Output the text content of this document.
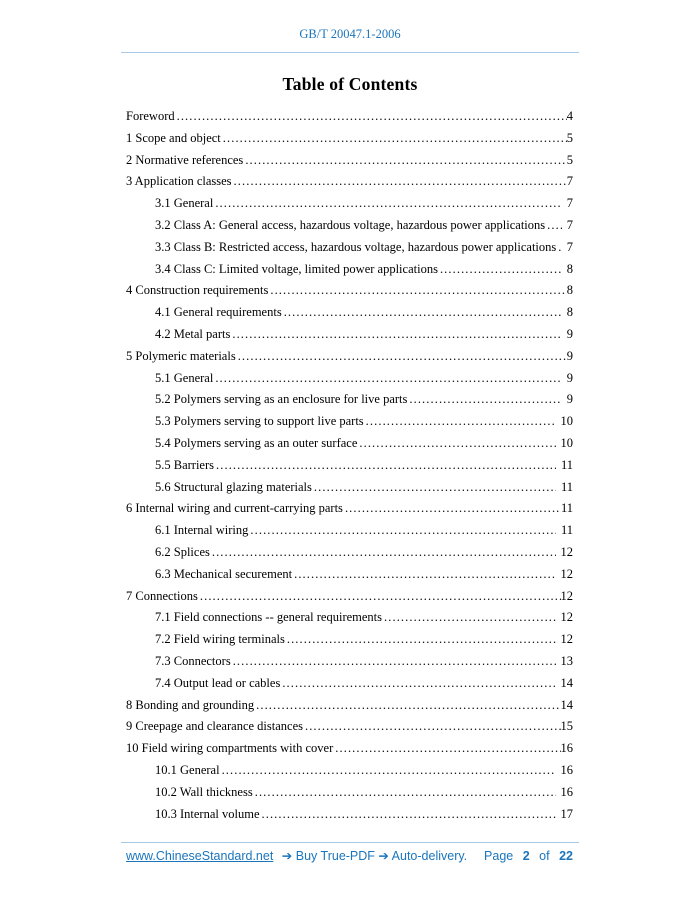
GB/T 20047.1-2006
Table of Contents
Foreword .....	4
1 Scope and object .....	5
2 Normative references .....	5
3 Application classes .....	7
3.1 General .....	7
3.2 Class A: General access, hazardous voltage, hazardous power applications ..... 7
3.3 Class B: Restricted access, hazardous voltage, hazardous power applications ..... 7
3.4 Class C: Limited voltage, limited power applications .....	8
4 Construction requirements .....	8
4.1 General requirements .....	8
4.2 Metal parts .....	9
5 Polymeric materials .....	9
5.1 General .....	9
5.2 Polymers serving as an enclosure for live parts .....	9
5.3 Polymers serving to support live parts .....	10
5.4 Polymers serving as an outer surface .....	10
5.5 Barriers .....	11
5.6 Structural glazing materials .....	11
6 Internal wiring and current-carrying parts .....	11
6.1 Internal wiring .....	11
6.2 Splices .....	12
6.3 Mechanical securement .....	12
7 Connections .....	12
7.1 Field connections -- general requirements .....	12
7.2 Field wiring terminals .....	12
7.3 Connectors .....	13
7.4 Output lead or cables .....	14
8 Bonding and grounding .....	14
9 Creepage and clearance distances .....	15
10 Field wiring compartments with cover .....	16
10.1 General .....	16
10.2 Wall thickness .....	16
10.3 Internal volume .....	17
www.ChineseStandard.net ➔ Buy True-PDF ➔ Auto-delivery. Page 2 of 22
